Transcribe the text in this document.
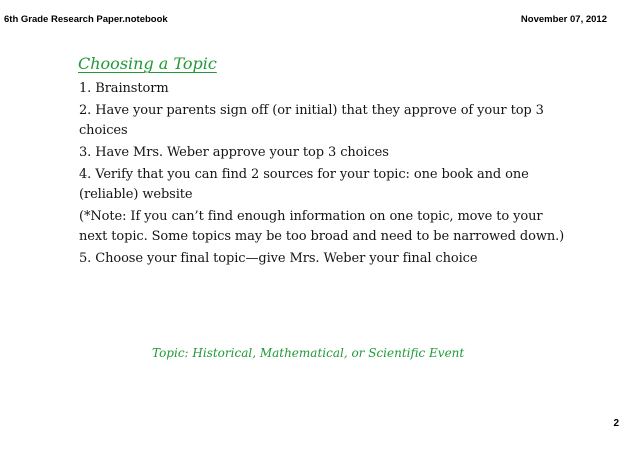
6th Grade Research Paper.notebook	November 07, 2012
Choosing a Topic
1. Brainstorm
2. Have your parents sign off (or initial) that they approve of your top 3 choices
3. Have Mrs. Weber approve your top 3 choices
4. Verify that you can find 2 sources for your topic: one book and one (reliable) website
(*Note: If you can’t find enough information on one topic, move to your next topic. Some topics may be too broad and need to be narrowed down.)
5. Choose your final topic—give Mrs. Weber your final choice
Topic: Historical, Mathematical, or Scientific Event
2
